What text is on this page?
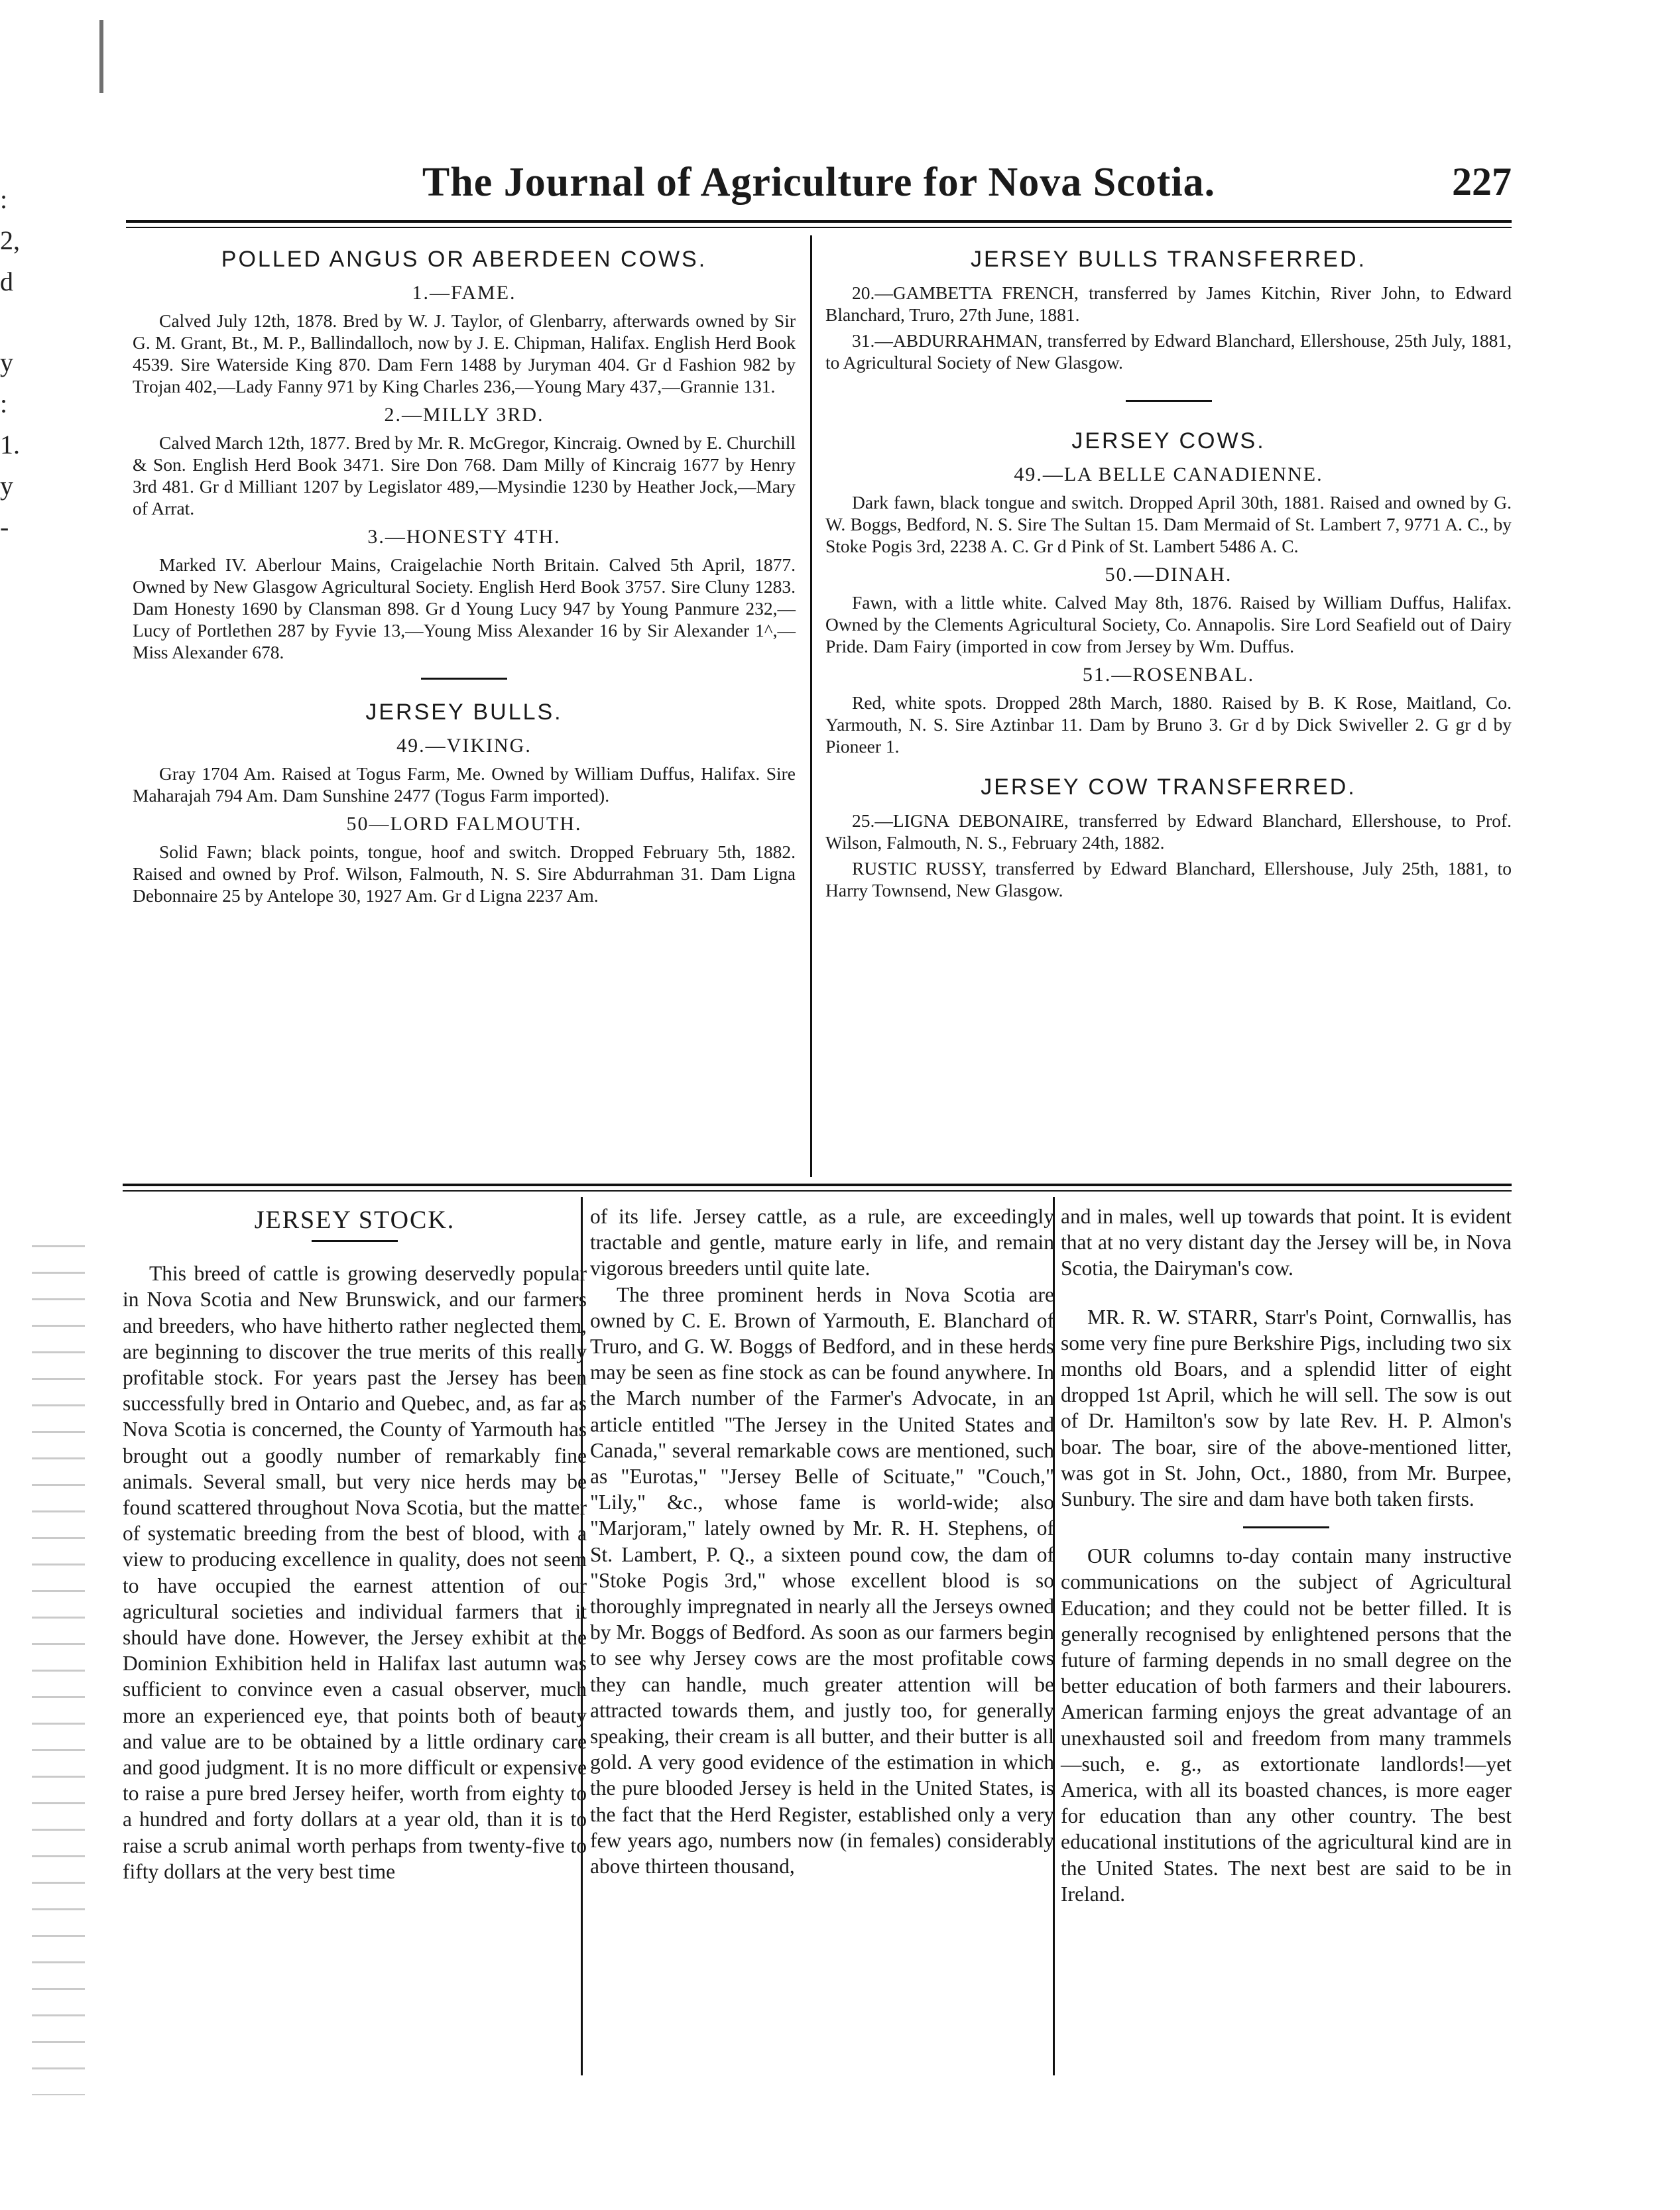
:
2,
d
y
:
1.
y
-
The Journal of Agriculture for Nova Scotia.	227
POLLED ANGUS OR ABERDEEN COWS.
1.—FAME.

Calved July 12th, 1878. Bred by W. J. Taylor, of Glenbarry, afterwards owned by Sir G. M. Grant, Bt., M. P., Ballindalloch, now by J. E. Chipman, Halifax. English Herd Book 4539. Sire Waterside King 870. Dam Fern 1488 by Juryman 404. Gr d Fashion 982 by Trojan 402,—Lady Fanny 971 by King Charles 236,—Young Mary 437,—Grannie 131.

2.—MILLY 3RD.

Calved March 12th, 1877. Bred by Mr. R. McGregor, Kincraig. Owned by E. Churchill & Son. English Herd Book 3471. Sire Don 768. Dam Milly of Kincraig 1677 by Henry 3rd 481. Gr d Milliant 1207 by Legislator 489,—Mysindie 1230 by Heather Jock,—Mary of Arrat.

3.—HONESTY 4TH.

Marked IV. Aberlour Mains, Craigelachie North Britain. Calved 5th April, 1877. Owned by New Glasgow Agricultural Society. English Herd Book 3757. Sire Cluny 1283. Dam Honesty 1690 by Clansman 898. Gr d Young Lucy 947 by Young Panmure 232,—Lucy of Portlethen 287 by Fyvie 13,—Young Miss Alexander 16 by Sir Alexander 1^,—Miss Alexander 678.

JERSEY BULLS.
49.—VIKING.

Gray 1704 Am. Raised at Togus Farm, Me. Owned by William Duffus, Halifax. Sire Maharajah 794 Am. Dam Sunshine 2477 (Togus Farm imported).

50—LORD FALMOUTH.

Solid Fawn; black points, tongue, hoof and switch. Dropped February 5th, 1882. Raised and owned by Prof. Wilson, Falmouth, N. S. Sire Abdurrahman 31. Dam Ligna Debonnaire 25 by Antelope 30, 1927 Am. Gr d Ligna 2237 Am.

JERSEY BULLS TRANSFERRED.

20.—GAMBETTA FRENCH, transferred by James Kitchin, River John, to Edward Blanchard, Truro, 27th June, 1881.

31.—ABDURRAHMAN, transferred by Edward Blanchard, Ellershouse, 25th July, 1881, to Agricultural Society of New Glasgow.

JERSEY COWS.
49.—LA BELLE CANADIENNE.

Dark fawn, black tongue and switch. Dropped April 30th, 1881. Raised and owned by G. W. Boggs, Bedford, N. S. Sire The Sultan 15. Dam Mermaid of St. Lambert 7, 9771 A. C., by Stoke Pogis 3rd, 2238 A. C. Gr d Pink of St. Lambert 5486 A. C.

50.—DINAH.

Fawn, with a little white. Calved May 8th, 1876. Raised by William Duffus, Halifax. Owned by the Clements Agricultural Society, Co. Annapolis. Sire Lord Seafield out of Dairy Pride. Dam Fairy (imported in cow from Jersey by Wm. Duffus.

51.—ROSENBAL.

Red, white spots. Dropped 28th March, 1880. Raised by B. K Rose, Maitland, Co. Yarmouth, N. S. Sire Aztinbar 11. Dam by Bruno 3. Gr d by Dick Swiveller 2. G gr d by Pioneer 1.

JERSEY COW TRANSFERRED.

25.—LIGNA DEBONAIRE, transferred by Edward Blanchard, Ellershouse, to Prof. Wilson, Falmouth, N. S., February 24th, 1882.

RUSTIC RUSSY, transferred by Edward Blanchard, Ellershouse, July 25th, 1881, to Harry Townsend, New Glasgow.

JERSEY STOCK.

This breed of cattle is growing deservedly popular in Nova Scotia and New Brunswick, and our farmers and breeders, who have hitherto rather neglected them, are beginning to discover the true merits of this really profitable stock. For years past the Jersey has been successfully bred in Ontario and Quebec, and, as far as Nova Scotia is concerned, the County of Yarmouth has brought out a goodly number of remarkably fine animals. Several small, but very nice herds may be found scattered throughout Nova Scotia, but the matter of systematic breeding from the best of blood, with a view to producing excellence in quality, does not seem to have occupied the earnest attention of our agricultural societies and individual farmers that it should have done. However, the Jersey exhibit at the Dominion Exhibition held in Halifax last autumn was sufficient to convince even a casual observer, much more an experienced eye, that points both of beauty and value are to be obtained by a little ordinary care and good judgment. It is no more difficult or expensive to raise a pure bred Jersey heifer, worth from eighty to a hundred and forty dollars at a year old, than it is to raise a scrub animal worth perhaps from twenty-five to fifty dollars at the very best time

of its life. Jersey cattle, as a rule, are exceedingly tractable and gentle, mature early in life, and remain vigorous breeders until quite late.

The three prominent herds in Nova Scotia are owned by C. E. Brown of Yarmouth, E. Blanchard of Truro, and G. W. Boggs of Bedford, and in these herds may be seen as fine stock as can be found anywhere. In the March number of the Farmer's Advocate, in an article entitled "The Jersey in the United States and Canada," several remarkable cows are mentioned, such as "Eurotas," "Jersey Belle of Scituate," "Couch," "Lily," &c., whose fame is world-wide; also "Marjoram," lately owned by Mr. R. H. Stephens, of St. Lambert, P. Q., a sixteen pound cow, the dam of "Stoke Pogis 3rd," whose excellent blood is so thoroughly impregnated in nearly all the Jerseys owned by Mr. Boggs of Bedford. As soon as our farmers begin to see why Jersey cows are the most profitable cows they can handle, much greater attention will be attracted towards them, and justly too, for generally speaking, their cream is all butter, and their butter is all gold. A very good evidence of the estimation in which the pure blooded Jersey is held in the United States, is the fact that the Herd Register, established only a very few years ago, numbers now (in females) considerably above thirteen thousand,

and in males, well up towards that point. It is evident that at no very distant day the Jersey will be, in Nova Scotia, the Dairyman's cow.

MR. R. W. STARR, Starr's Point, Cornwallis, has some very fine pure Berkshire Pigs, including two six months old Boars, and a splendid litter of eight dropped 1st April, which he will sell. The sow is out of Dr. Hamilton's sow by late Rev. H. P. Almon's boar. The boar, sire of the above-mentioned litter, was got in St. John, Oct., 1880, from Mr. Burpee, Sunbury. The sire and dam have both taken firsts.

OUR columns to-day contain many instructive communications on the subject of Agricultural Education; and they could not be better filled. It is generally recognised by enlightened persons that the future of farming depends in no small degree on the better education of both farmers and their labourers. American farming enjoys the great advantage of an unexhausted soil and freedom from many trammels—such, e. g., as extortionate landlords!—yet America, with all its boasted chances, is more eager for education than any other country. The best educational institutions of the agricultural kind are in the United States. The next best are said to be in Ireland.
